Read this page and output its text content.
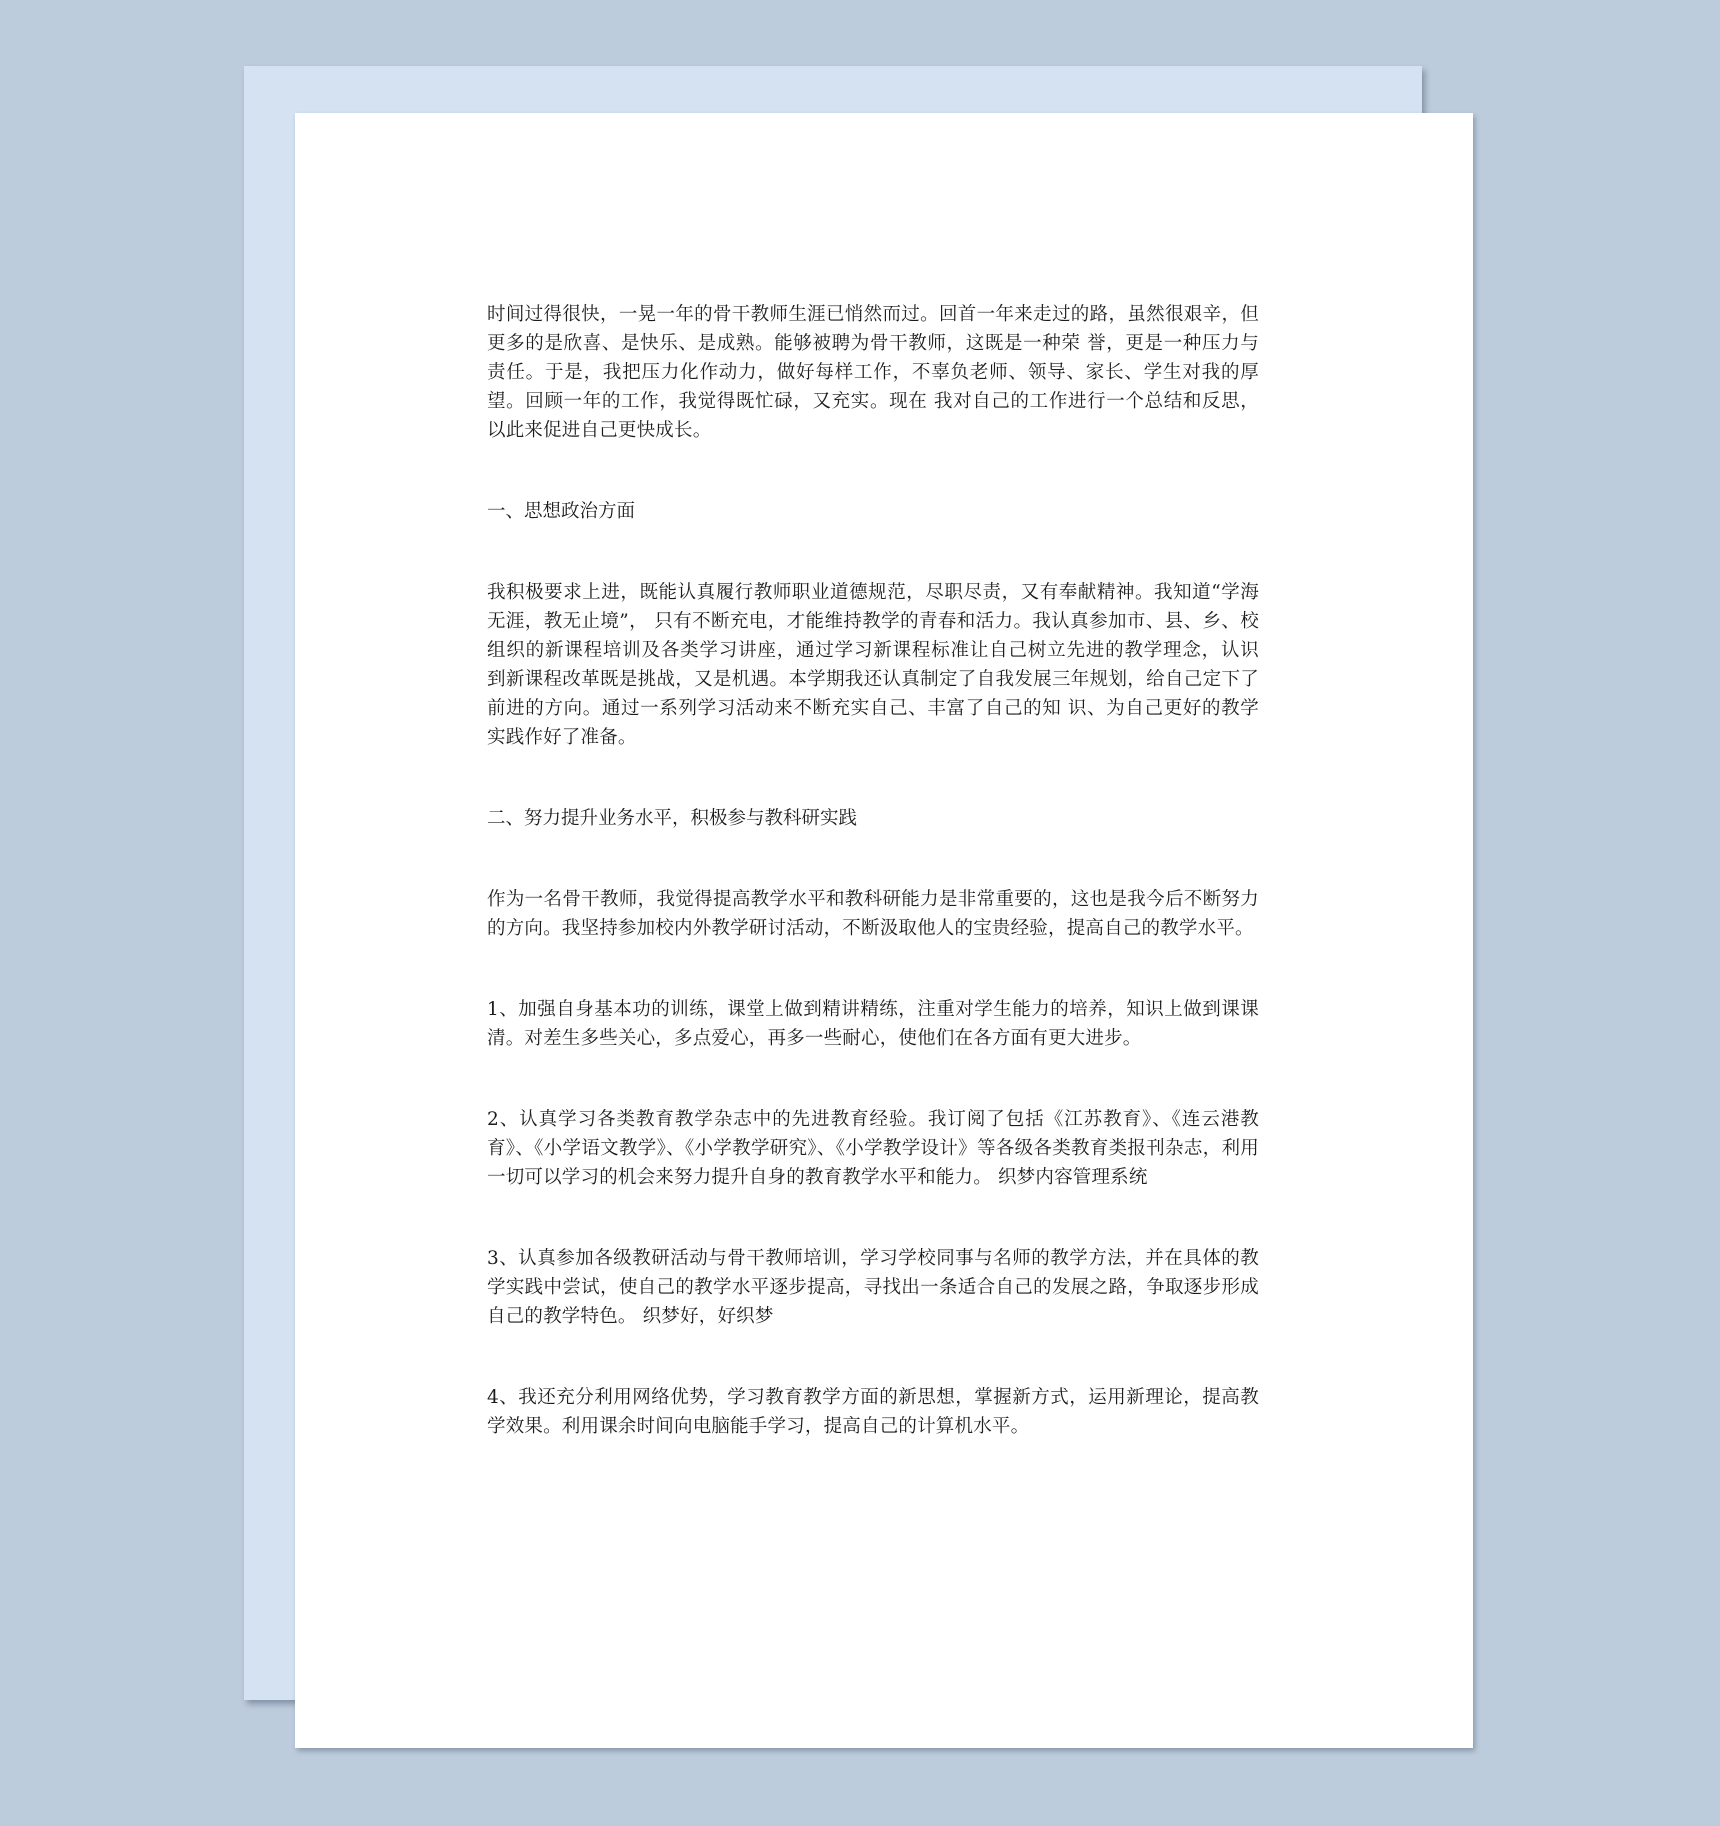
时间过得很快，一晃一年的骨干教师生涯已悄然而过。回首一年来走过的路，虽然很艰辛，但更多的是欣喜、是快乐、是成熟。能够被聘为骨干教师，这既是一种荣 誉，更是一种压力与责任。于是，我把压力化作动力，做好每样工作，不辜负老师、领导、家长、学生对我的厚望。回顾一年的工作，我觉得既忙碌，又充实。现在 我对自己的工作进行一个总结和反思，以此来促进自己更快成长。

一、思想政治方面

我积极要求上进，既能认真履行教师职业道德规范，尽职尽责，又有奉献精神。我知道“学海无涯，教无止境”， 只有不断充电，才能维持教学的青春和活力。我认真参加市、县、乡、校组织的新课程培训及各类学习讲座，通过学习新课程标准让自己树立先进的教学理念，认识 到新课程改革既是挑战，又是机遇。本学期我还认真制定了自我发展三年规划，给自己定下了前进的方向。通过一系列学习活动来不断充实自己、丰富了自己的知 识、为自己更好的教学实践作好了准备。

二、努力提升业务水平，积极参与教科研实践

作为一名骨干教师，我觉得提高教学水平和教科研能力是非常重要的，这也是我今后不断努力的方向。我坚持参加校内外教学研讨活动，不断汲取他人的宝贵经验，提高自己的教学水平。

1、加强自身基本功的训练，课堂上做到精讲精练，注重对学生能力的培养，知识上做到课课清。对差生多些关心，多点爱心，再多一些耐心，使他们在各方面有更大进步。

2、认真学习各类教育教学杂志中的先进教育经验。我订阅了包括《江苏教育》、《连云港教育》、《小学语文教学》、《小学教学研究》、《小学教学设计》等各级各类教育类报刊杂志，利用一切可以学习的机会来努力提升自身的教育教学水平和能力。 织梦内容管理系统

3、认真参加各级教研活动与骨干教师培训，学习学校同事与名师的教学方法，并在具体的教学实践中尝试，使自己的教学水平逐步提高，寻找出一条适合自己的发展之路，争取逐步形成自己的教学特色。 织梦好，好织梦

4、我还充分利用网络优势，学习教育教学方面的新思想，掌握新方式，运用新理论，提高教学效果。利用课余时间向电脑能手学习，提高自己的计算机水平。
